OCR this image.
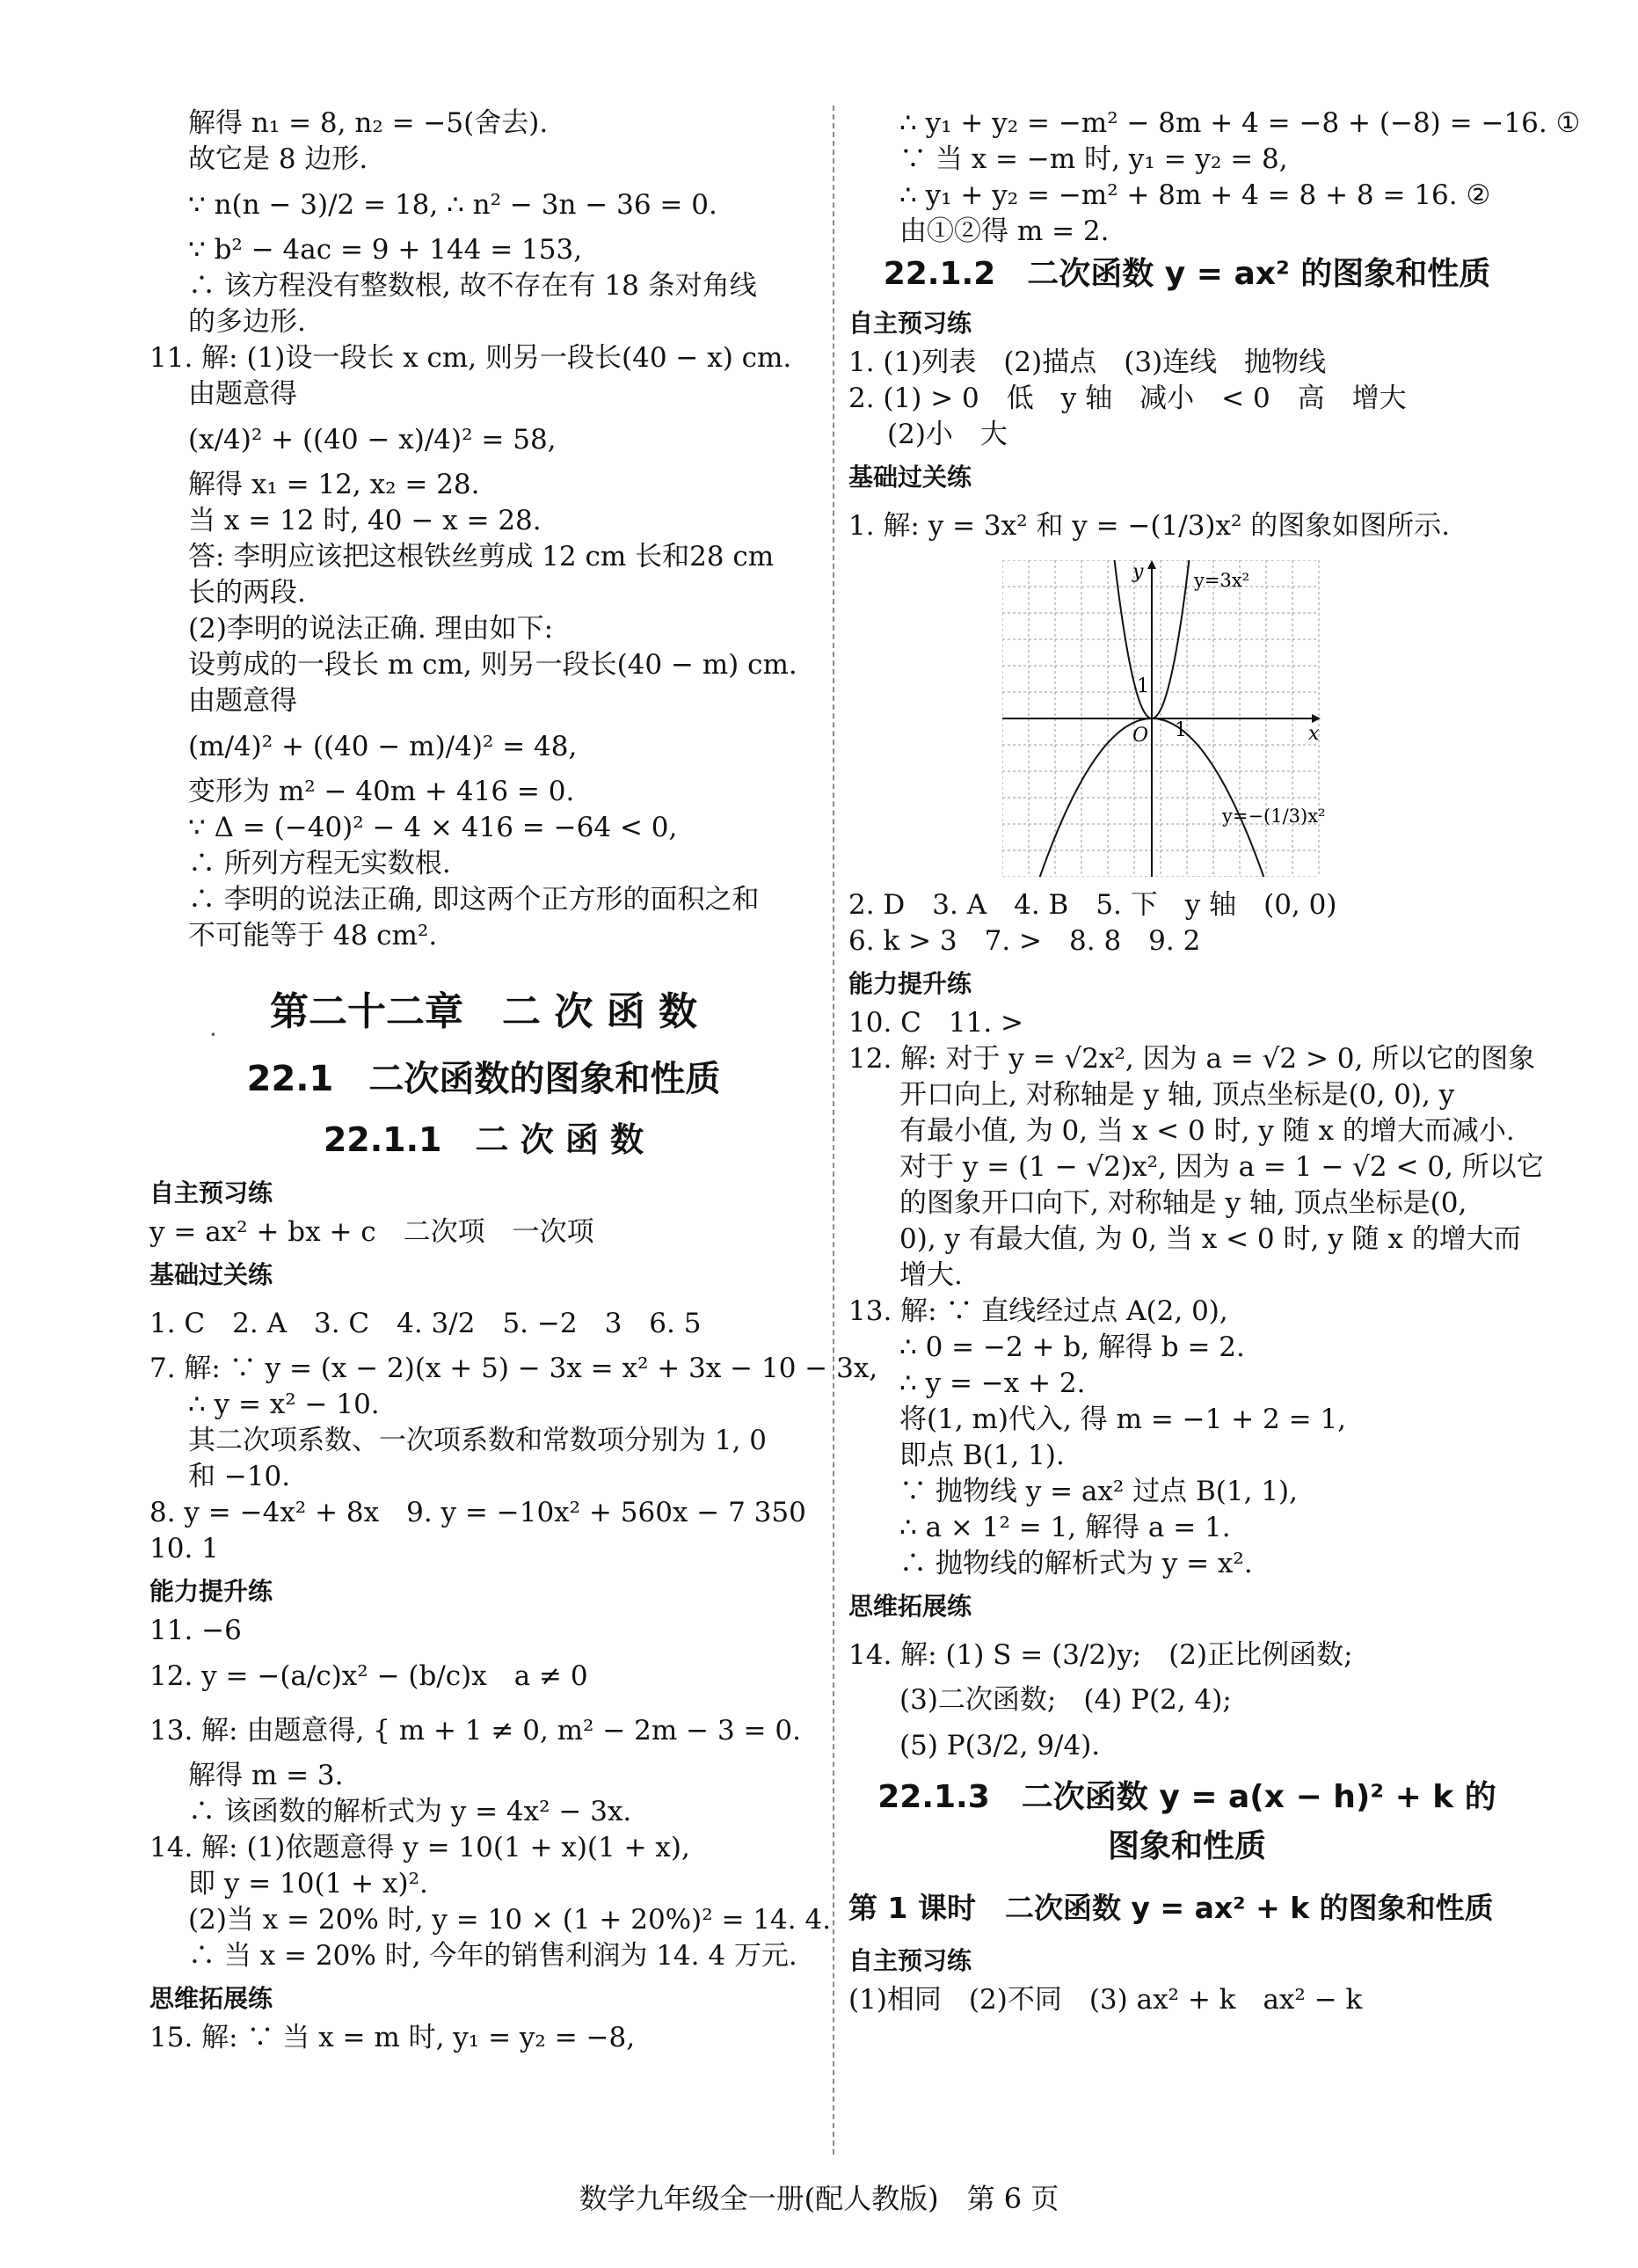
·
解得 n₁ = 8, n₂ = −5(舍去).
故它是 8 边形.
∵ n(n − 3)/2 = 18, ∴ n² − 3n − 36 = 0.
∵ b² − 4ac = 9 + 144 = 153,
∴ 该方程没有整数根, 故不存在有 18 条对角线
的多边形.
11. 解: (1)设一段长 x cm, 则另一段长(40 − x) cm.
由题意得
(x/4)² + ((40 − x)/4)² = 58,
解得 x₁ = 12, x₂ = 28.
当 x = 12 时, 40 − x = 28.
答: 李明应该把这根铁丝剪成 12 cm 长和28 cm
长的两段.
(2)李明的说法正确. 理由如下:
设剪成的一段长 m cm, 则另一段长(40 − m) cm.
由题意得
(m/4)² + ((40 − m)/4)² = 48,
变形为 m² − 40m + 416 = 0.
∵ Δ = (−40)² − 4 × 416 = −64 < 0,
∴ 所列方程无实数根.
∴ 李明的说法正确, 即这两个正方形的面积之和
不可能等于 48 cm².
第二十二章　二 次 函 数
22.1　二次函数的图象和性质
22.1.1　二 次 函 数
自主预习练
y = ax² + bx + c　二次项　一次项
基础过关练
1. C　2. A　3. C　4. 3/2　5. −2　3　6. 5
7. 解: ∵ y = (x − 2)(x + 5) − 3x = x² + 3x − 10 − 3x,
∴ y = x² − 10.
其二次项系数、一次项系数和常数项分别为 1, 0
和 −10.
8. y = −4x² + 8x　9. y = −10x² + 560x − 7 350
10. 1
能力提升练
11. −6
12. y = −(a/c)x² − (b/c)x　a ≠ 0
13. 解: 由题意得, { m + 1 ≠ 0, m² − 2m − 3 = 0.
解得 m = 3.
∴ 该函数的解析式为 y = 4x² − 3x.
14. 解: (1)依题意得 y = 10(1 + x)(1 + x),
即 y = 10(1 + x)².
(2)当 x = 20% 时, y = 10 × (1 + 20%)² = 14. 4.
∴ 当 x = 20% 时, 今年的销售利润为 14. 4 万元.
思维拓展练
15. 解: ∵ 当 x = m 时, y₁ = y₂ = −8,
∴ y₁ + y₂ = −m² − 8m + 4 = −8 + (−8) = −16. ①
∵ 当 x = −m 时, y₁ = y₂ = 8,
∴ y₁ + y₂ = −m² + 8m + 4 = 8 + 8 = 16. ②
由①②得 m = 2.
22.1.2　二次函数 y = ax² 的图象和性质
自主预习练
1. (1)列表　(2)描点　(3)连线　抛物线
2. (1) > 0　低　y 轴　减小　< 0　高　增大
(2)小　大
基础过关练
1. 解: y = 3x² 和 y = −(1/3)x² 的图象如图所示.
y
x
O
1
1
y=3x²
y=−(1/3)x²
2. D　3. A　4. B　5. 下　y 轴　(0, 0)
6. k > 3　7. >　8. 8　9. 2
能力提升练
10. C　11. >
12. 解: 对于 y = √2x², 因为 a = √2 > 0, 所以它的图象
开口向上, 对称轴是 y 轴, 顶点坐标是(0, 0), y
有最小值, 为 0, 当 x < 0 时, y 随 x 的增大而减小.
对于 y = (1 − √2)x², 因为 a = 1 − √2 < 0, 所以它
的图象开口向下, 对称轴是 y 轴, 顶点坐标是(0,
0), y 有最大值, 为 0, 当 x < 0 时, y 随 x 的增大而
增大.
13. 解: ∵ 直线经过点 A(2, 0),
∴ 0 = −2 + b, 解得 b = 2.
∴ y = −x + 2.
将(1, m)代入, 得 m = −1 + 2 = 1,
即点 B(1, 1).
∵ 抛物线 y = ax² 过点 B(1, 1),
∴ a × 1² = 1, 解得 a = 1.
∴ 抛物线的解析式为 y = x².
思维拓展练
14. 解: (1) S = (3/2)y;　(2)正比例函数;
(3)二次函数;　(4) P(2, 4);
(5) P(3/2, 9/4).
22.1.3　二次函数 y = a(x − h)² + k 的
图象和性质
第 1 课时　二次函数 y = ax² + k 的图象和性质
自主预习练
(1)相同　(2)不同　(3) ax² + k　ax² − k
数学九年级全一册(配人教版)　第 6 页
